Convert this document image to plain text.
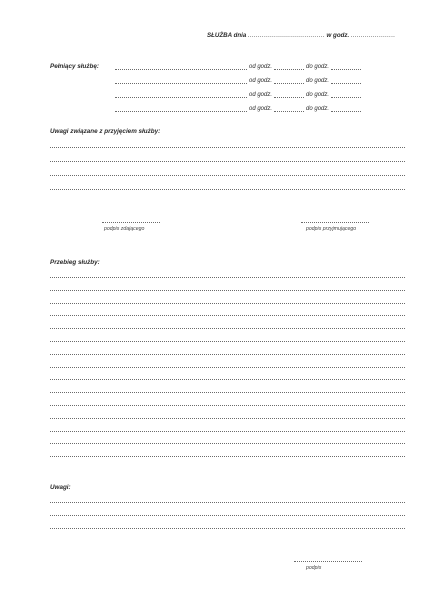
SŁUŻBA dnia ...................................... w godz. ......................
Pełniący służbę:	od godz.	do godz.
od godz.	do godz.
od godz.	do godz.
od godz.	do godz.
Uwagi związane z przyjęciem służby:
podpis zdającego	podpis przyjmującego
Przebieg służby:
Uwagi:
podpis
